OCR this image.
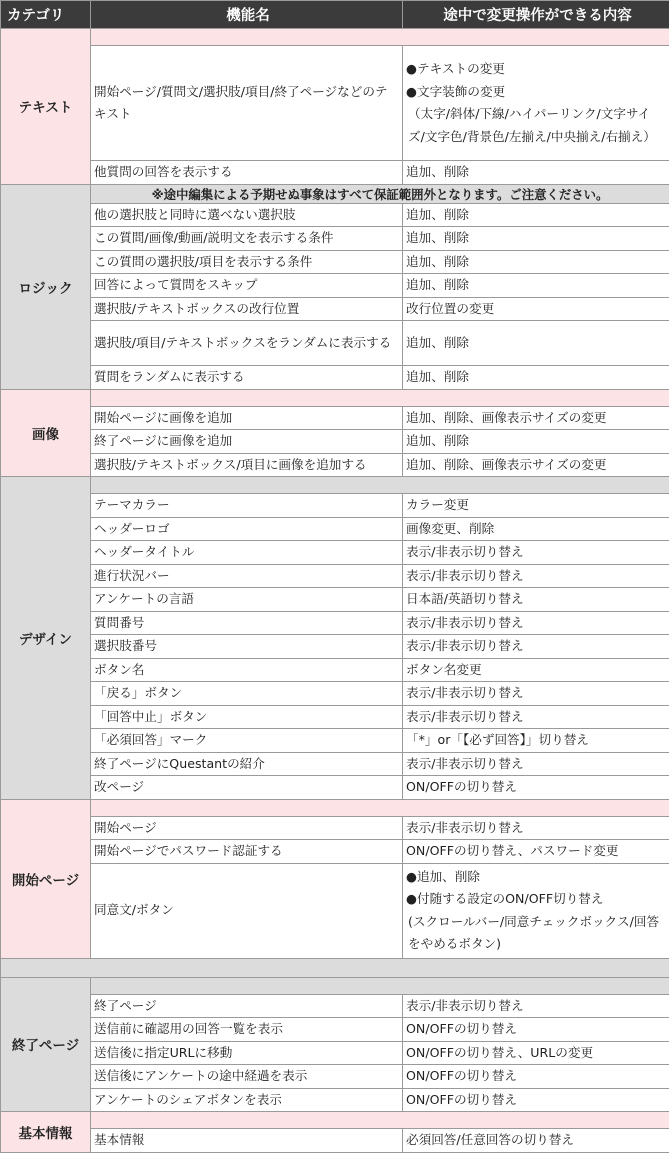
カテゴリ	機能名	途中で変更操作ができる内容
テキスト		
	開始ページ/質問文/選択肢/項目/終了ページなどのテキスト	●テキストの変更
●文字装飾の変更
（太字/斜体/下線/ハイパーリンク/文字サイズ/文字色/背景色/左揃え/中央揃え/右揃え）

	他質問の回答を表示する	追加、削除
ロジック	※途中編集による予期せぬ事象はすべて保証範囲外となります。ご注意ください。	
	他の選択肢と同時に選べない選択肢	追加、削除
	この質問/画像/動画/説明文を表示する条件	追加、削除
	この質問の選択肢/項目を表示する条件	追加、削除
	回答によって質問をスキップ	追加、削除
	選択肢/テキストボックスの改行位置	改行位置の変更
	選択肢/項目/テキストボックスをランダムに表示する	追加、削除
	質問をランダムに表示する	追加、削除
画像		
	開始ページに画像を追加	追加、削除、画像表示サイズの変更
	終了ページに画像を追加	追加、削除
	選択肢/テキストボックス/項目に画像を追加する	追加、削除、画像表示サイズの変更
デザイン		
	テーマカラー	カラー変更
	ヘッダーロゴ	画像変更、削除
	ヘッダータイトル	表示/非表示切り替え
	進行状況バー	表示/非表示切り替え
	アンケートの言語	日本語/英語切り替え
	質問番号	表示/非表示切り替え
	選択肢番号	表示/非表示切り替え
	ボタン名	ボタン名変更
	「戻る」ボタン	表示/非表示切り替え
	「回答中止」ボタン	表示/非表示切り替え
	「必須回答」マーク	「*」or「【必ず回答】」切り替え
	終了ページにQuestantの紹介	表示/非表示切り替え
	改ページ	ON/OFFの切り替え
開始ページ		
	開始ページ	表示/非表示切り替え
	開始ページでパスワード認証する	ON/OFFの切り替え、パスワード変更
	同意文/ボタン	●追加、削除
●付随する設定のON/OFF切り替え
(スクロールバー/同意チェックボックス/回答をやめるボタン)

終了ページ		
	終了ページ	表示/非表示切り替え
	送信前に確認用の回答一覧を表示	ON/OFFの切り替え
	送信後に指定URLに移動	ON/OFFの切り替え、URLの変更
	送信後にアンケートの途中経過を表示	ON/OFFの切り替え
	アンケートのシェアボタンを表示	ON/OFFの切り替え
基本情報		
	基本情報	必須回答/任意回答の切り替え
